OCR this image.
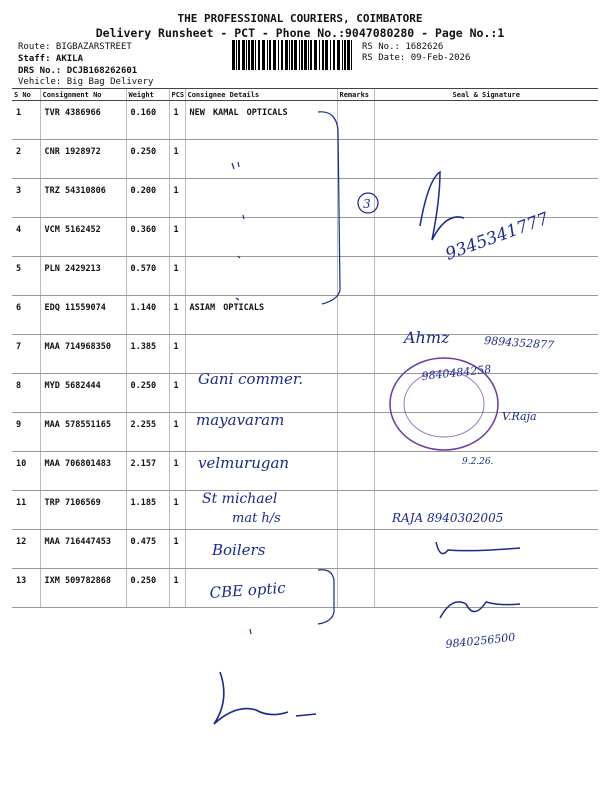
THE PROFESSIONAL COURIERS, COIMBATORE
Delivery Runsheet - PCT - Phone No.:9047080280 - Page No.:1
Route: BIGBAZARSTREET
Staff: AKILA
DRS No.: DCJB168262601
Vehicle: Big Bag Delivery
RS No.: 1682626
RS Date: 09-Feb-2026
S No	Consignment No	Weight	PCS	Consignee Details	Remarks	Seal & Signature
1	TVR 4386966	0.160	1	NEW KAMAL OPTICALS		
2	CNR 1928972	0.250	1			
3	TRZ 54310806	0.200	1			
4	VCM 5162452	0.360	1			
5	PLN 2429213	0.570	1			
6	EDQ 11559074	1.140	1	ASIAM OPTICALS		
7	MAA 714968350	1.385	1			
8	MYD 5682444	0.250	1			
9	MAA 578551165	2.255	1			
10	MAA 706801483	2.157	1			
11	TRP 7106569	1.185	1			
12	MAA 716447453	0.475	1			
13	IXM 509782868	0.250	1			
3
9345341777
Ahmz	9894352877
9840484258
V.Raja
9.2.26.
Gani commer.
mayavaram
velmurugan
St michael
mat h/s	RAJA 8940302005
Boilers
CBE optic
9840256500
